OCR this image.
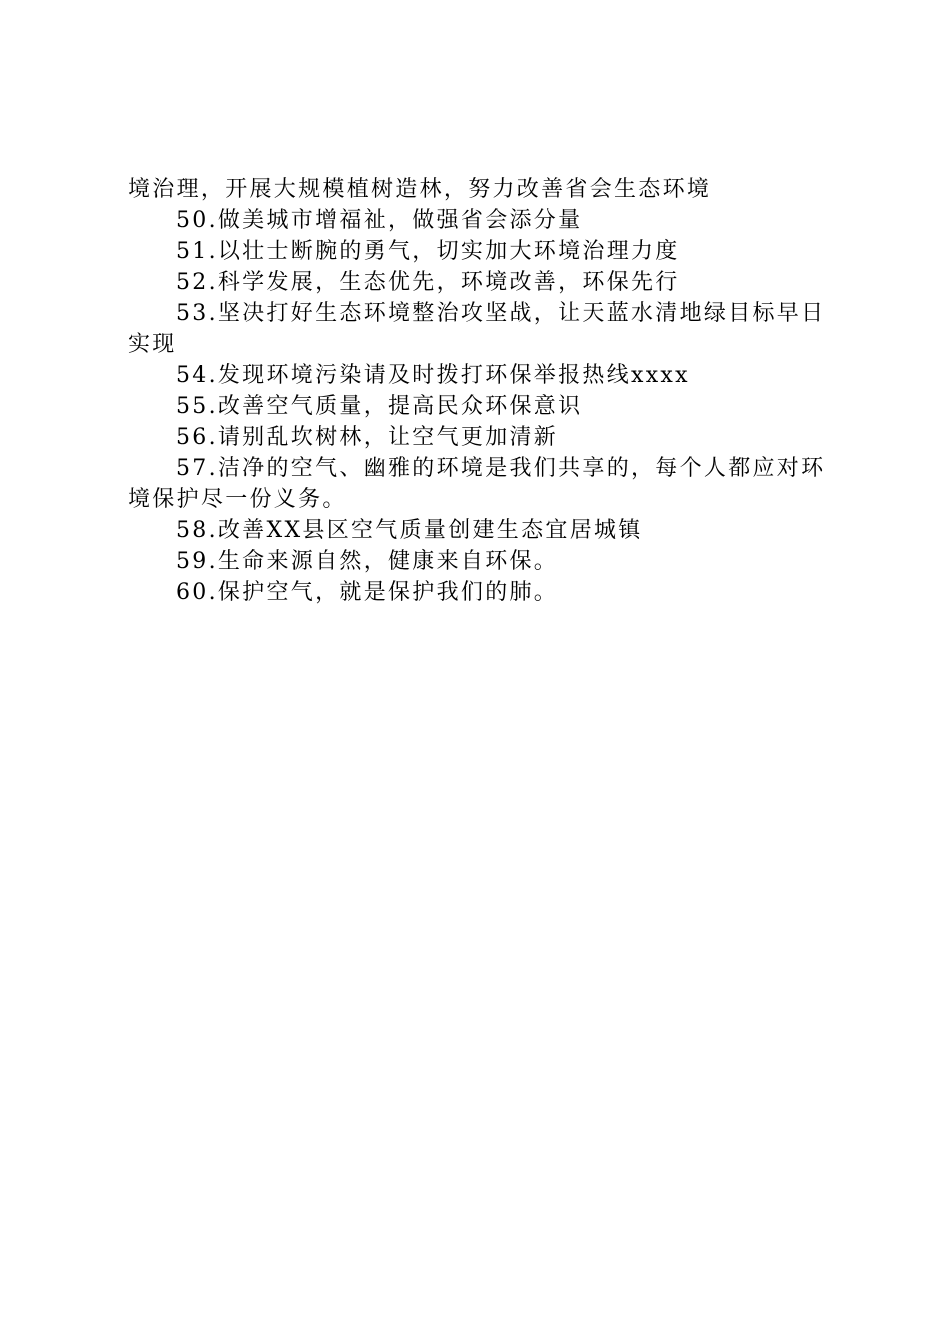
境治理，开展大规模植树造林，努力改善省会生态环境

50.做美城市增福祉，做强省会添分量

51.以壮士断腕的勇气，切实加大环境治理力度

52.科学发展，生态优先，环境改善，环保先行

53.坚决打好生态环境整治攻坚战，让天蓝水清地绿目标早日实现

54.发现环境污染请及时拨打环保举报热线xxxx

55.改善空气质量，提高民众环保意识

56.请别乱坎树林，让空气更加清新

57.洁净的空气、幽雅的环境是我们共享的，每个人都应对环境保护尽一份义务。

58.改善XX县区空气质量创建生态宜居城镇

59.生命来源自然，健康来自环保。

60.保护空气，就是保护我们的肺。
